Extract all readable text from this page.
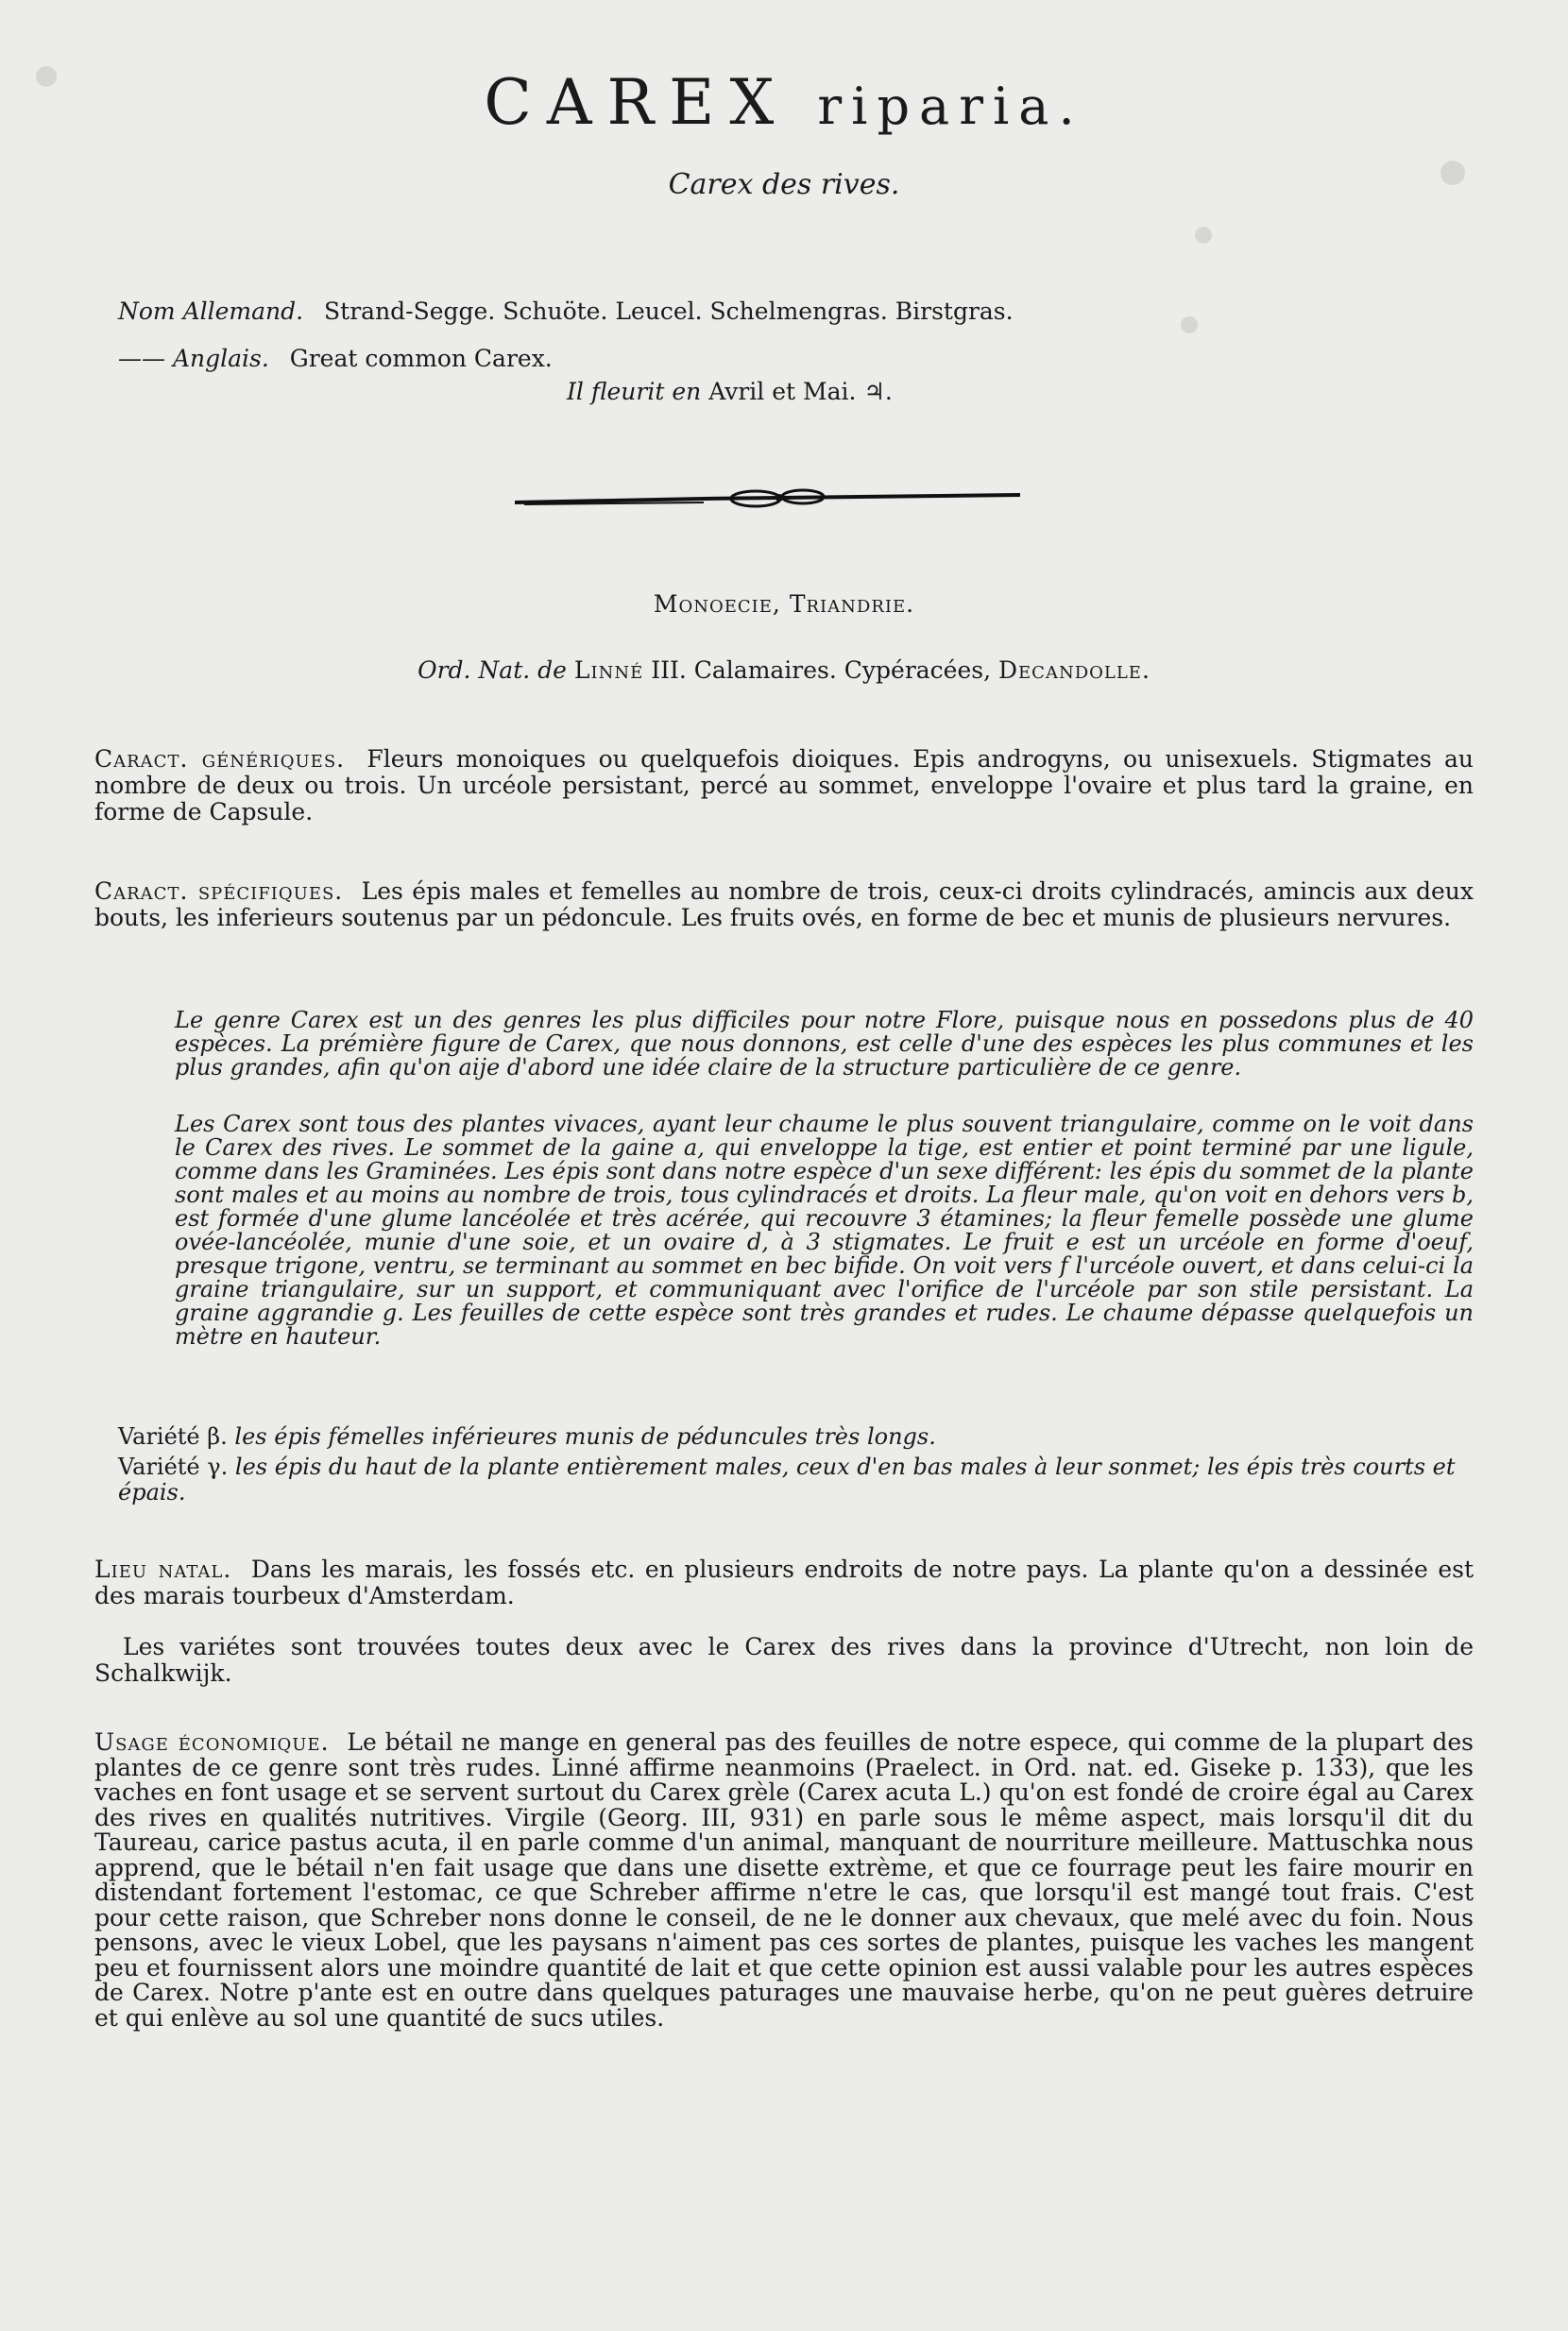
CAREX riparia.
Carex des rives.
Nom Allemand. Strand-Segge. Schuöte. Leucel. Schelmengras. Birstgras.
—— Anglais. Great common Carex.
Il fleurit en Avril et Mai. ♃.
Monoecie, Triandrie.
Ord. Nat. de Linné III. Calamaires. Cypéracées, Decandolle.
Caract. génériques. Fleurs monoiques ou quelquefois dioiques. Epis androgyns, ou unisexuels. Stigmates au nombre de deux ou trois. Un urcéole persistant, percé au sommet, enveloppe l'ovaire et plus tard la graine, en forme de Capsule.
Caract. spécifiques. Les épis males et femelles au nombre de trois, ceux-ci droits cylindracés, amincis aux deux bouts, les inferieurs soutenus par un pédoncule. Les fruits ovés, en forme de bec et munis de plusieurs nervures.
Le genre Carex est un des genres les plus difficiles pour notre Flore, puisque nous en possedons plus de 40 espèces. La prémière figure de Carex, que nous donnons, est celle d'une des espèces les plus communes et les plus grandes, afin qu'on aije d'abord une idée claire de la structure particulière de ce genre.
Les Carex sont tous des plantes vivaces, ayant leur chaume le plus souvent triangulaire, comme on le voit dans le Carex des rives. Le sommet de la gaine a, qui enveloppe la tige, est entier et point terminé par une ligule, comme dans les Graminées. Les épis sont dans notre espèce d'un sexe différent: les épis du sommet de la plante sont males et au moins au nombre de trois, tous cylindracés et droits. La fleur male, qu'on voit en dehors vers b, est formée d'une glume lancéolée et très acérée, qui recouvre 3 étamines; la fleur femelle possède une glume ovée-lancéolée, munie d'une soie, et un ovaire d, à 3 stigmates. Le fruit e est un urcéole en forme d'oeuf, presque trigone, ventru, se terminant au sommet en bec bifide. On voit vers f l'urcéole ouvert, et dans celui-ci la graine triangulaire, sur un support, et communiquant avec l'orifice de l'urcéole par son stile persistant. La graine aggrandie g. Les feuilles de cette espèce sont très grandes et rudes. Le chaume dépasse quelquefois un mètre en hauteur.
Variété β. les épis fémelles inférieures munis de péduncules très longs.
Variété γ. les épis du haut de la plante entièrement males, ceux d'en bas males à leur sonmet; les épis très courts et épais.
Lieu natal. Dans les marais, les fossés etc. en plusieurs endroits de notre pays. La plante qu'on a dessinée est des marais tourbeux d'Amsterdam.
Les variétes sont trouvées toutes deux avec le Carex des rives dans la province d'Utrecht, non loin de Schalkwijk.
Usage économique. Le bétail ne mange en general pas des feuilles de notre espece, qui comme de la plupart des plantes de ce genre sont très rudes. Linné affirme neanmoins (Praelect. in Ord. nat. ed. Giseke p. 133), que les vaches en font usage et se servent surtout du Carex grèle (Carex acuta L.) qu'on est fondé de croire égal au Carex des rives en qualités nutritives. Virgile (Georg. III, 931) en parle sous le même aspect, mais lorsqu'il dit du Taureau, carice pastus acuta, il en parle comme d'un animal, manquant de nourriture meilleure. Mattuschka nous apprend, que le bétail n'en fait usage que dans une disette extrème, et que ce fourrage peut les faire mourir en distendant fortement l'estomac, ce que Schreber affirme n'etre le cas, que lorsqu'il est mangé tout frais. C'est pour cette raison, que Schreber nons donne le conseil, de ne le donner aux chevaux, que melé avec du foin. Nous pensons, avec le vieux Lobel, que les paysans n'aiment pas ces sortes de plantes, puisque les vaches les mangent peu et fournissent alors une moindre quantité de lait et que cette opinion est aussi valable pour les autres espèces de Carex. Notre p'ante est en outre dans quelques paturages une mauvaise herbe, qu'on ne peut guères detruire et qui enlève au sol une quantité de sucs utiles.
